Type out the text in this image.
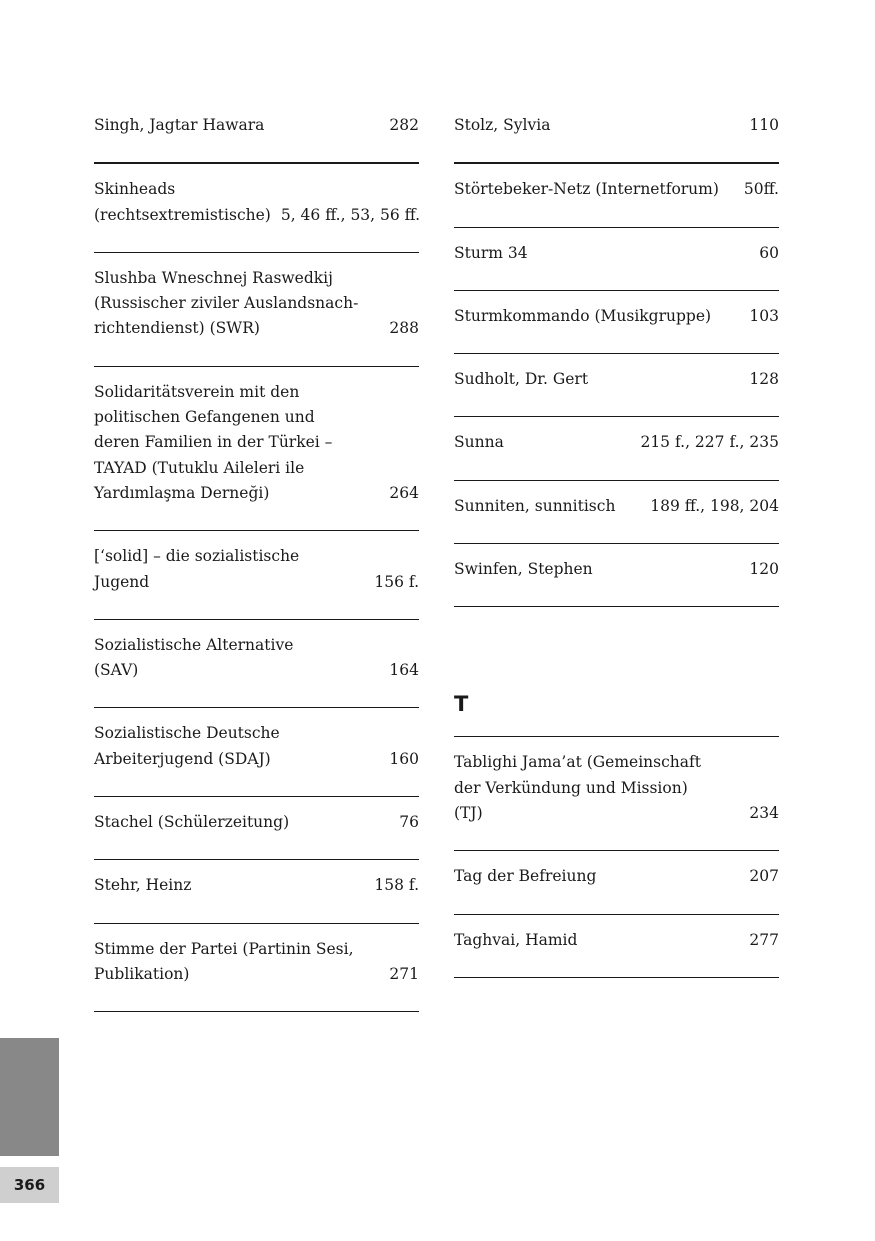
Singh, Jagtar Hawara	282
Skinheads
(rechtsextremistische) 5, 46 ff., 53, 56 ff.
Slushba Wneschnej Raswedkij
(Russischer ziviler Auslandsnach-
richtendienst) (SWR)	288
Solidaritätsverein mit den
politischen Gefangenen und
deren Familien in der Türkei –
TAYAD (Tutuklu Aileleri ile
Yardımlaşma Derneği)	264
[‘solid] – die sozialistische
Jugend	156 f.
Sozialistische Alternative
(SAV)	164
Sozialistische Deutsche
Arbeiterjugend (SDAJ)	160
Stachel (Schülerzeitung)	76
Stehr, Heinz	158 f.
Stimme der Partei (Partinin Sesi,
Publikation)	271
Stolz, Sylvia	110
Störtebeker-Netz (Internetforum)	50ff.
Sturm 34	60
Sturmkommando (Musikgruppe)	103
Sudholt, Dr. Gert	128
Sunna	215 f., 227 f., 235
Sunniten, sunnitisch	189 ff., 198, 204
Swinfen, Stephen	120
T
Tablighi Jama’at (Gemeinschaft
der Verkündung und Mission)
(TJ)	234
Tag der Befreiung	207
Taghvai, Hamid	277
366
